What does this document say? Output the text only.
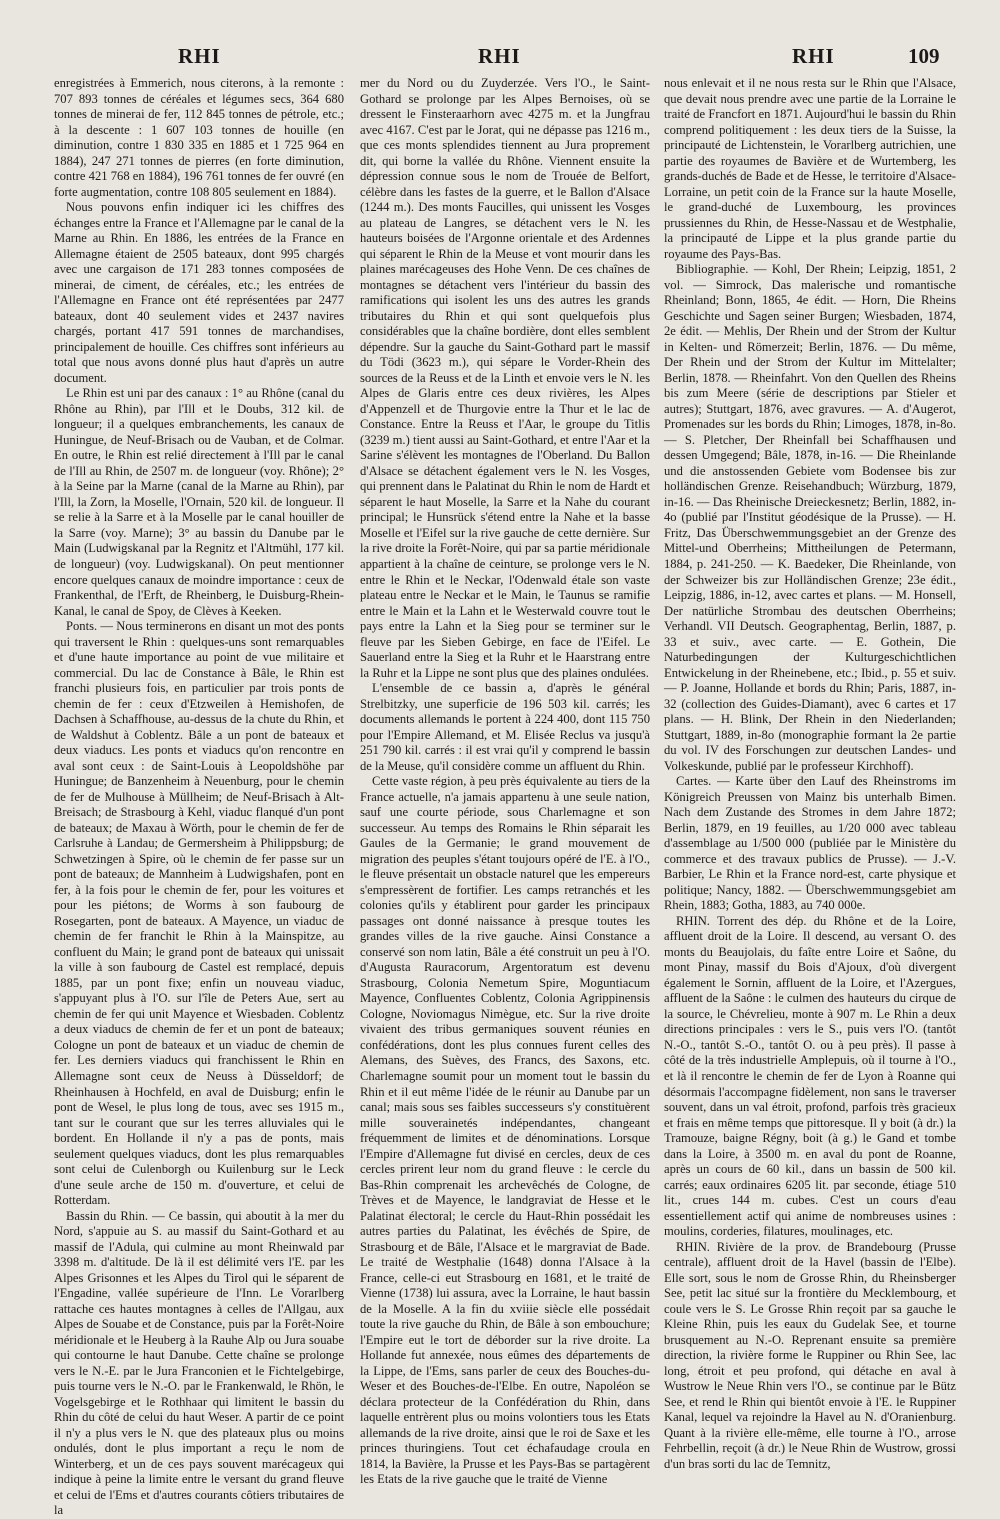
RHI	RHI	RHI	109

enregistrées à Emmerich, nous citerons, à la remonte : 707 893 tonnes de céréales et légumes secs, 364 680 tonnes de minerai de fer, 112 845 tonnes de pétrole, etc.; à la descente : 1 607 103 tonnes de houille (en diminution, contre 1 830 335 en 1885 et 1 725 964 en 1884), 247 271 tonnes de pierres (en forte diminution, contre 421 768 en 1884), 196 761 tonnes de fer ouvré (en forte augmentation, contre 108 805 seulement en 1884).

Nous pouvons enfin indiquer ici les chiffres des échanges entre la France et l'Allemagne par le canal de la Marne au Rhin. En 1886, les entrées de la France en Allemagne étaient de 2505 bateaux, dont 995 chargés avec une cargaison de 171 283 tonnes composées de minerai, de ciment, de céréales, etc.; les entrées de l'Allemagne en France ont été représentées par 2477 bateaux, dont 40 seulement vides et 2437 navires chargés, portant 417 591 tonnes de marchandises, principalement de houille. Ces chiffres sont inférieurs au total que nous avons donné plus haut d'après un autre document.

Le Rhin est uni par des canaux : 1° au Rhône (canal du Rhône au Rhin), par l'Ill et le Doubs, 312 kil. de longueur; il a quelques embranchements, les canaux de Huningue, de Neuf-Brisach ou de Vauban, et de Colmar. En outre, le Rhin est relié directement à l'Ill par le canal de l'Ill au Rhin, de 2507 m. de longueur (voy. Rhône); 2° à la Seine par la Marne (canal de la Marne au Rhin), par l'Ill, la Zorn, la Moselle, l'Ornain, 520 kil. de longueur. Il se relie à la Sarre et à la Moselle par le canal houiller de la Sarre (voy. Marne); 3° au bassin du Danube par le Main (Ludwigskanal par la Regnitz et l'Altmühl, 177 kil. de longueur) (voy. Ludwigskanal). On peut mentionner encore quelques canaux de moindre importance : ceux de Frankenthal, de l'Erft, de Rheinberg, le Duisburg-Rhein-Kanal, le canal de Spoy, de Clèves à Keeken.

Ponts. — Nous terminerons en disant un mot des ponts qui traversent le Rhin : quelques-uns sont remarquables et d'une haute importance au point de vue militaire et commercial. Du lac de Constance à Bâle, le Rhin est franchi plusieurs fois, en particulier par trois ponts de chemin de fer : ceux d'Etzweilen à Hemishofen, de Dachsen à Schaffhouse, au-dessus de la chute du Rhin, et de Waldshut à Coblentz. Bâle a un pont de bateaux et deux viaducs. Les ponts et viaducs qu'on rencontre en aval sont ceux : de Saint-Louis à Leopoldshöhe par Huningue; de Banzenheim à Neuenburg, pour le chemin de fer de Mulhouse à Müllheim; de Neuf-Brisach à Alt-Breisach; de Strasbourg à Kehl, viaduc flanqué d'un pont de bateaux; de Maxau à Wörth, pour le chemin de fer de Carlsruhe à Landau; de Germersheim à Philippsburg; de Schwetzingen à Spire, où le chemin de fer passe sur un pont de bateaux; de Mannheim à Ludwigshafen, pont en fer, à la fois pour le chemin de fer, pour les voitures et pour les piétons; de Worms à son faubourg de Rosegarten, pont de bateaux. A Mayence, un viaduc de chemin de fer franchit le Rhin à la Mainspitze, au confluent du Main; le grand pont de bateaux qui unissait la ville à son faubourg de Castel est remplacé, depuis 1885, par un pont fixe; enfin un nouveau viaduc, s'appuyant plus à l'O. sur l'île de Peters Aue, sert au chemin de fer qui unit Mayence et Wiesbaden. Coblentz a deux viaducs de chemin de fer et un pont de bateaux; Cologne un pont de bateaux et un viaduc de chemin de fer. Les derniers viaducs qui franchissent le Rhin en Allemagne sont ceux de Neuss à Düsseldorf; de Rheinhausen à Hochfeld, en aval de Duisburg; enfin le pont de Wesel, le plus long de tous, avec ses 1915 m., tant sur le courant que sur les terres alluviales qui le bordent. En Hollande il n'y a pas de ponts, mais seulement quelques viaducs, dont les plus remarquables sont celui de Culenborgh ou Kuilenburg sur le Leck d'une seule arche de 150 m. d'ouverture, et celui de Rotterdam.

Bassin du Rhin. — Ce bassin, qui aboutit à la mer du Nord, s'appuie au S. au massif du Saint-Gothard et au massif de l'Adula, qui culmine au mont Rheinwald par 3398 m. d'altitude. De là il est délimité vers l'E. par les Alpes Grisonnes et les Alpes du Tirol qui le séparent de l'Engadine, vallée supérieure de l'Inn. Le Vorarlberg rattache ces hautes montagnes à celles de l'Allgau, aux Alpes de Souabe et de Constance, puis par la Forêt-Noire méridionale et le Heuberg à la Rauhe Alp ou Jura souabe qui contourne le haut Danube. Cette chaîne se prolonge vers le N.-E. par le Jura Franconien et le Fichtelgebirge, puis tourne vers le N.-O. par le Frankenwald, le Rhön, le Vogelsgebirge et le Rothhaar qui limitent le bassin du Rhin du côté de celui du haut Weser. A partir de ce point il n'y a plus vers le N. que des plateaux plus ou moins ondulés, dont le plus important a reçu le nom de Winterberg, et un de ces pays souvent marécageux qui indique à peine la limite entre le versant du grand fleuve et celui de l'Ems et d'autres courants côtiers tributaires de la

mer du Nord ou du Zuyderzée. Vers l'O., le Saint-Gothard se prolonge par les Alpes Bernoises, où se dressent le Finsteraarhorn avec 4275 m. et la Jungfrau avec 4167. C'est par le Jorat, qui ne dépasse pas 1216 m., que ces monts splendides tiennent au Jura proprement dit, qui borne la vallée du Rhône. Viennent ensuite la dépression connue sous le nom de Trouée de Belfort, célèbre dans les fastes de la guerre, et le Ballon d'Alsace (1244 m.). Des monts Faucilles, qui unissent les Vosges au plateau de Langres, se détachent vers le N. les hauteurs boisées de l'Argonne orientale et des Ardennes qui séparent le Rhin de la Meuse et vont mourir dans les plaines marécageuses des Hohe Venn. De ces chaînes de montagnes se détachent vers l'intérieur du bassin des ramifications qui isolent les uns des autres les grands tributaires du Rhin et qui sont quelquefois plus considérables que la chaîne bordière, dont elles semblent dépendre. Sur la gauche du Saint-Gothard part le massif du Tödi (3623 m.), qui sépare le Vorder-Rhein des sources de la Reuss et de la Linth et envoie vers le N. les Alpes de Glaris entre ces deux rivières, les Alpes d'Appenzell et de Thurgovie entre la Thur et le lac de Constance. Entre la Reuss et l'Aar, le groupe du Titlis (3239 m.) tient aussi au Saint-Gothard, et entre l'Aar et la Sarine s'élèvent les montagnes de l'Oberland. Du Ballon d'Alsace se détachent également vers le N. les Vosges, qui prennent dans le Palatinat du Rhin le nom de Hardt et séparent le haut Moselle, la Sarre et la Nahe du courant principal; le Hunsrück s'étend entre la Nahe et la basse Moselle et l'Eifel sur la rive gauche de cette dernière. Sur la rive droite la Forêt-Noire, qui par sa partie méridionale appartient à la chaîne de ceinture, se prolonge vers le N. entre le Rhin et le Neckar, l'Odenwald étale son vaste plateau entre le Neckar et le Main, le Taunus se ramifie entre le Main et la Lahn et le Westerwald couvre tout le pays entre la Lahn et la Sieg pour se terminer sur le fleuve par les Sieben Gebirge, en face de l'Eifel. Le Sauerland entre la Sieg et la Ruhr et le Haarstrang entre la Ruhr et la Lippe ne sont plus que des plaines ondulées.

L'ensemble de ce bassin a, d'après le général Strelbitzky, une superficie de 196 503 kil. carrés; les documents allemands le portent à 224 400, dont 115 750 pour l'Empire Allemand, et M. Elisée Reclus va jusqu'à 251 790 kil. carrés : il est vrai qu'il y comprend le bassin de la Meuse, qu'il considère comme un affluent du Rhin.

Cette vaste région, à peu près équivalente au tiers de la France actuelle, n'a jamais appartenu à une seule nation, sauf une courte période, sous Charlemagne et son successeur. Au temps des Romains le Rhin séparait les Gaules de la Germanie; le grand mouvement de migration des peuples s'étant toujours opéré de l'E. à l'O., le fleuve présentait un obstacle naturel que les empereurs s'empressèrent de fortifier. Les camps retranchés et les colonies qu'ils y établirent pour garder les principaux passages ont donné naissance à presque toutes les grandes villes de la rive gauche. Ainsi Constance a conservé son nom latin, Bâle a été construit un peu à l'O. d'Augusta Rauracorum, Argentoratum est devenu Strasbourg, Colonia Nemetum Spire, Moguntiacum Mayence, Confluentes Coblentz, Colonia Agrippinensis Cologne, Noviomagus Nimègue, etc. Sur la rive droite vivaient des tribus germaniques souvent réunies en confédérations, dont les plus connues furent celles des Alemans, des Suèves, des Francs, des Saxons, etc. Charlemagne soumit pour un moment tout le bassin du Rhin et il eut même l'idée de le réunir au Danube par un canal; mais sous ses faibles successeurs s'y constituèrent mille souverainetés indépendantes, changeant fréquemment de limites et de dénominations. Lorsque l'Empire d'Allemagne fut divisé en cercles, deux de ces cercles prirent leur nom du grand fleuve : le cercle du Bas-Rhin comprenait les archevêchés de Cologne, de Trèves et de Mayence, le landgraviat de Hesse et le Palatinat électoral; le cercle du Haut-Rhin possédait les autres parties du Palatinat, les évêchés de Spire, de Strasbourg et de Bâle, l'Alsace et le margraviat de Bade. Le traité de Westphalie (1648) donna l'Alsace à la France, celle-ci eut Strasbourg en 1681, et le traité de Vienne (1738) lui assura, avec la Lorraine, le haut bassin de la Moselle. A la fin du xviiie siècle elle possédait toute la rive gauche du Rhin, de Bâle à son embouchure; l'Empire eut le tort de déborder sur la rive droite. La Hollande fut annexée, nous eûmes des départements de la Lippe, de l'Ems, sans parler de ceux des Bouches-du-Weser et des Bouches-de-l'Elbe. En outre, Napoléon se déclara protecteur de la Confédération du Rhin, dans laquelle entrèrent plus ou moins volontiers tous les Etats allemands de la rive droite, ainsi que le roi de Saxe et les princes thuringiens. Tout cet échafaudage croula en 1814, la Bavière, la Prusse et les Pays-Bas se partagèrent les Etats de la rive gauche que le traité de Vienne

nous enlevait et il ne nous resta sur le Rhin que l'Alsace, que devait nous prendre avec une partie de la Lorraine le traité de Francfort en 1871. Aujourd'hui le bassin du Rhin comprend politiquement : les deux tiers de la Suisse, la principauté de Lichtenstein, le Vorarlberg autrichien, une partie des royaumes de Bavière et de Wurtemberg, les grands-duchés de Bade et de Hesse, le territoire d'Alsace-Lorraine, un petit coin de la France sur la haute Moselle, le grand-duché de Luxembourg, les provinces prussiennes du Rhin, de Hesse-Nassau et de Westphalie, la principauté de Lippe et la plus grande partie du royaume des Pays-Bas.

Bibliographie. — Kohl, Der Rhein; Leipzig, 1851, 2 vol. — Simrock, Das malerische und romantische Rheinland; Bonn, 1865, 4e édit. — Horn, Die Rheins Geschichte und Sagen seiner Burgen; Wiesbaden, 1874, 2e édit. — Mehlis, Der Rhein und der Strom der Kultur in Kelten- und Römerzeit; Berlin, 1876. — Du même, Der Rhein und der Strom der Kultur im Mittelalter; Berlin, 1878. — Rheinfahrt. Von den Quellen des Rheins bis zum Meere (série de descriptions par Stieler et autres); Stuttgart, 1876, avec gravures. — A. d'Augerot, Promenades sur les bords du Rhin; Limoges, 1878, in-8o. — S. Pletcher, Der Rheinfall bei Schaffhausen und dessen Umgegend; Bâle, 1878, in-16. — Die Rheinlande und die anstossenden Gebiete vom Bodensee bis zur holländischen Grenze. Reisehandbuch; Würzburg, 1879, in-16. — Das Rheinische Dreieckesnetz; Berlin, 1882, in-4o (publié par l'Institut géodésique de la Prusse). — H. Fritz, Das Überschwemmungsgebiet an der Grenze des Mittel-und Oberrheins; Mittheilungen de Petermann, 1884, p. 241-250. — K. Baedeker, Die Rheinlande, von der Schweizer bis zur Holländischen Grenze; 23e édit., Leipzig, 1886, in-12, avec cartes et plans. — M. Honsell, Der natürliche Strombau des deutschen Oberrheins; Verhandl. VII Deutsch. Geographentag, Berlin, 1887, p. 33 et suiv., avec carte. — E. Gothein, Die Naturbedingungen der Kulturgeschichtlichen Entwickelung in der Rheinebene, etc.; Ibid., p. 55 et suiv. — P. Joanne, Hollande et bords du Rhin; Paris, 1887, in-32 (collection des Guides-Diamant), avec 6 cartes et 17 plans. — H. Blink, Der Rhein in den Niederlanden; Stuttgart, 1889, in-8o (monographie formant la 2e partie du vol. IV des Forschungen zur deutschen Landes- und Volkeskunde, publié par le professeur Kirchhoff).

Cartes. — Karte über den Lauf des Rheinstroms im Königreich Preussen von Mainz bis unterhalb Bimen. Nach dem Zustande des Stromes in dem Jahre 1872; Berlin, 1879, en 19 feuilles, au 1/20 000 avec tableau d'assemblage au 1/500 000 (publiée par le Ministère du commerce et des travaux publics de Prusse). — J.-V. Barbier, Le Rhin et la France nord-est, carte physique et politique; Nancy, 1882. — Überschwemmungsgebiet am Rhein, 1883; Gotha, 1883, au 740 000e.

RHIN. Torrent des dép. du Rhône et de la Loire, affluent droit de la Loire. Il descend, au versant O. des monts du Beaujolais, du faîte entre Loire et Saône, du mont Pinay, massif du Bois d'Ajoux, d'où divergent également le Sornin, affluent de la Loire, et l'Azergues, affluent de la Saône : le culmen des hauteurs du cirque de la source, le Chévrelieu, monte à 907 m. Le Rhin a deux directions principales : vers le S., puis vers l'O. (tantôt N.-O., tantôt S.-O., tantôt O. ou à peu près). Il passe à côté de la très industrielle Amplepuis, où il tourne à l'O., et là il rencontre le chemin de fer de Lyon à Roanne qui désormais l'accompagne fidèlement, non sans le traverser souvent, dans un val étroit, profond, parfois très gracieux et frais en même temps que pittoresque. Il y boit (à dr.) la Tramouze, baigne Régny, boit (à g.) le Gand et tombe dans la Loire, à 3500 m. en aval du pont de Roanne, après un cours de 60 kil., dans un bassin de 500 kil. carrés; eaux ordinaires 6205 lit. par seconde, étiage 510 lit., crues 144 m. cubes. C'est un cours d'eau essentiellement actif qui anime de nombreuses usines : moulins, corderies, filatures, moulinages, etc.

RHIN. Rivière de la prov. de Brandebourg (Prusse centrale), affluent droit de la Havel (bassin de l'Elbe). Elle sort, sous le nom de Grosse Rhin, du Rheinsberger See, petit lac situé sur la frontière du Mecklembourg, et coule vers le S. Le Grosse Rhin reçoit par sa gauche le Kleine Rhin, puis les eaux du Gudelak See, et tourne brusquement au N.-O. Reprenant ensuite sa première direction, la rivière forme le Ruppiner ou Rhin See, lac long, étroit et peu profond, qui détache en aval à Wustrow le Neue Rhin vers l'O., se continue par le Bütz See, et rend le Rhin qui bientôt envoie à l'E. le Ruppiner Kanal, lequel va rejoindre la Havel au N. d'Oranienburg. Quant à la rivière elle-même, elle tourne à l'O., arrose Fehrbellin, reçoit (à dr.) le Neue Rhin de Wustrow, grossi d'un bras sorti du lac de Temnitz,
